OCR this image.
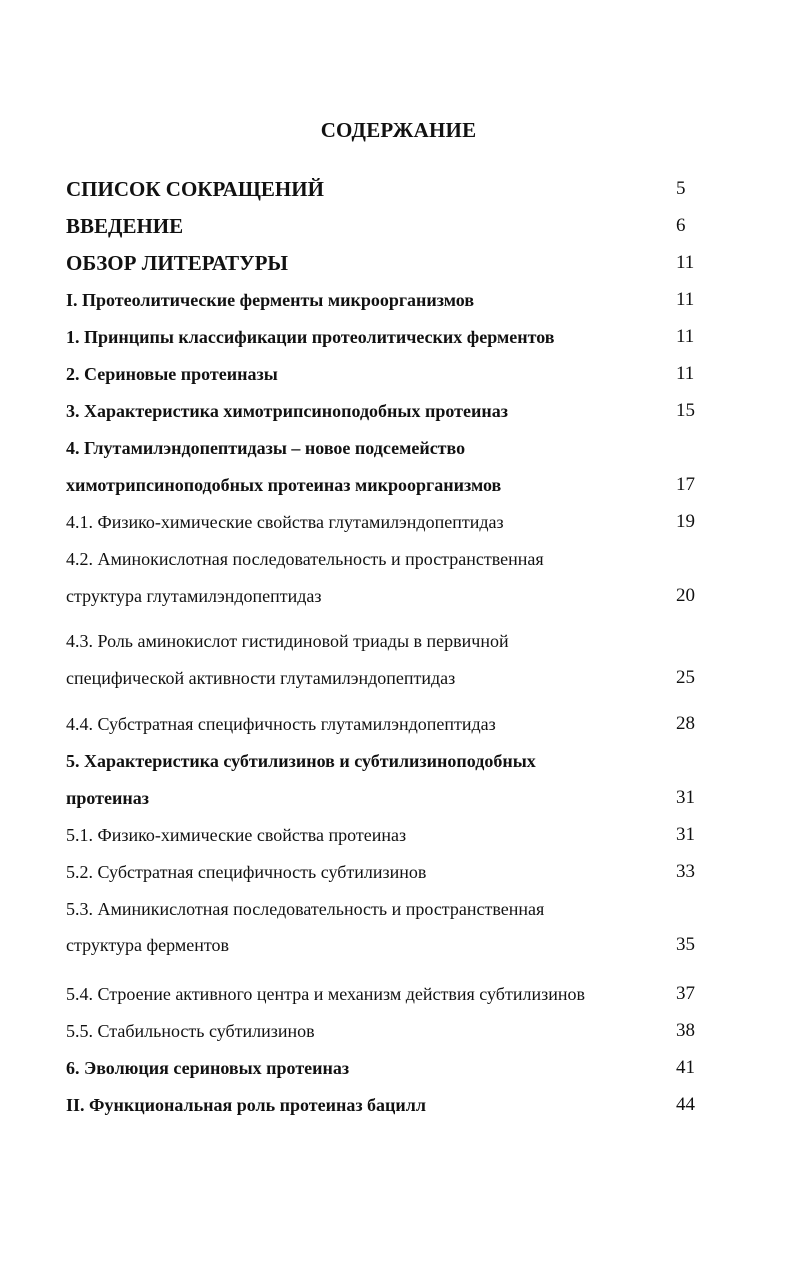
СОДЕРЖАНИЕ
СПИСОК СОКРАЩЕНИЙ	5
ВВЕДЕНИЕ	6
ОБЗОР ЛИТЕРАТУРЫ	11
I. Протеолитические ферменты микроорганизмов	11
1. Принципы классификации протеолитических ферментов	11
2. Сериновые протеиназы	11
3. Характеристика химотрипсиноподобных протеиназ	15
4. Глутамилэндопептидазы – новое подсемейство
химотрипсиноподобных протеиназ микроорганизмов	17
4.1. Физико-химические свойства глутамилэндопептидаз	19
4.2. Аминокислотная последовательность и пространственная
структура глутамилэндопептидаз	20
4.3. Роль аминокислот гистидиновой триады в первичной
специфической активности глутамилэндопептидаз	25
4.4. Субстратная специфичность глутамилэндопептидаз	28
5. Характеристика субтилизинов и субтилизиноподобных
протеиназ	31
5.1. Физико-химические свойства протеиназ	31
5.2. Субстратная специфичность субтилизинов	33
5.3. Аминикислотная последовательность и пространственная
структура ферментов	35
5.4. Строение активного центра и механизм действия субтилизинов	37
5.5. Стабильность субтилизинов	38
6. Эволюция сериновых протеиназ	41
II. Функциональная роль протеиназ бацилл	44
